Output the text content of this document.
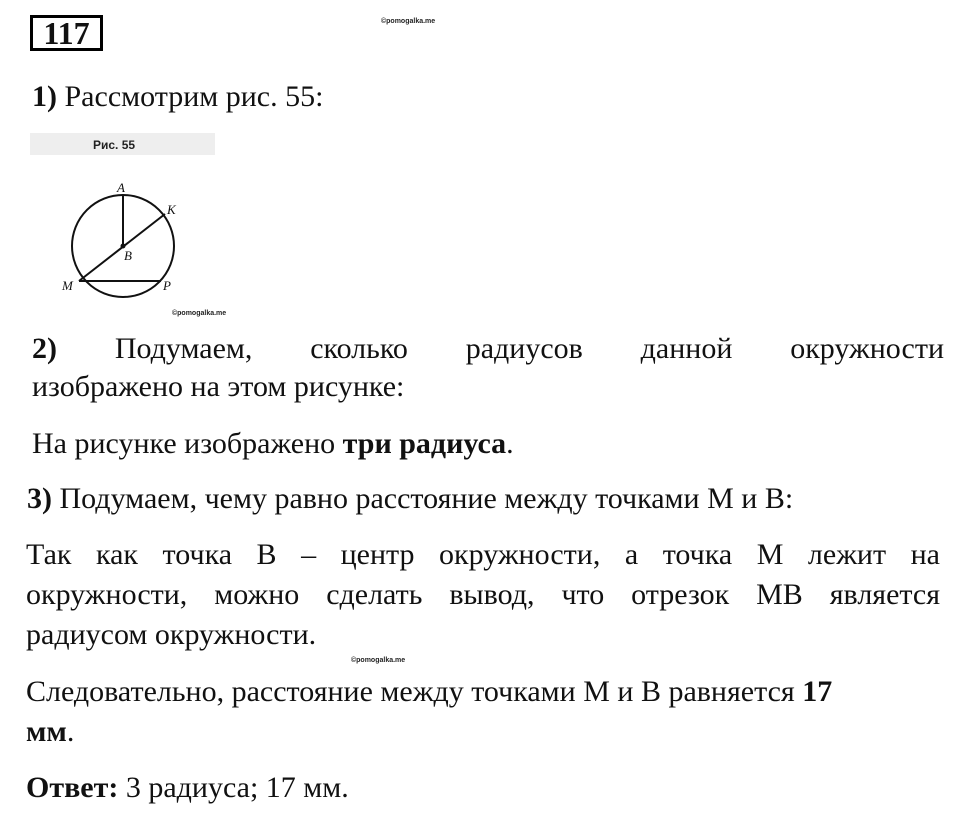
117	©pomogalka.me
1) Рассмотрим рис. 55:
Рис. 55
A
K
B
M	P
©pomogalka.me
2) Подумаем, сколько радиусов данной окружности
изображено на этом рисунке:
На рисунке изображено три радиуса.
3) Подумаем, чему равно расстояние между точками М и В:
Так как точка В – центр окружности, а точка М лежит на
окружности, можно сделать вывод, что отрезок МВ является
радиусом окружности.
©pomogalka.me
Следовательно, расстояние между точками М и В равняется 17
мм.
Ответ: 3 радиуса; 17 мм.
